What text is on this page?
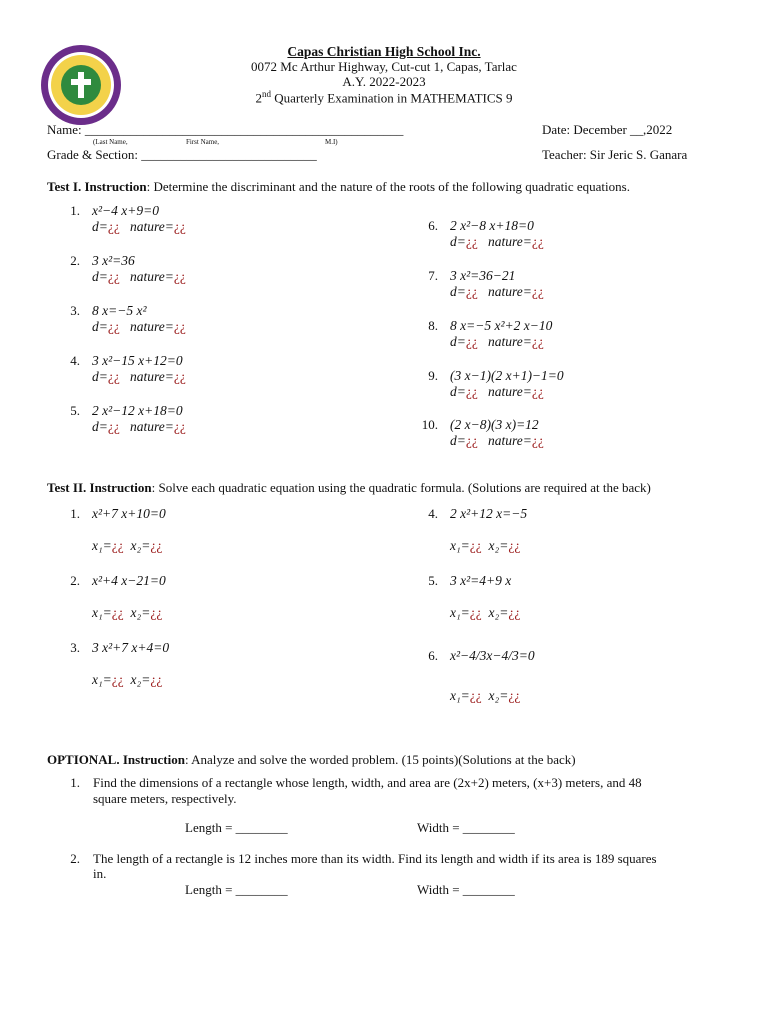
Capas Christian High School Inc.
0072 Mc Arthur Highway, Cut-cut 1, Capas, Tarlac
A.Y. 2022-2023
2nd Quarterly Examination in MATHEMATICS 9
Name: _________________________________________________
(Last Name,	First Name,	M.I)
Date: December __,2022
Grade & Section: ___________________________	Teacher: Sir Jeric S. Ganara
Test I. Instruction: Determine the discriminant and the nature of the roots of the following quadratic equations.
1. x²−4 x+9=0
d=¿¿ nature=¿¿
2. 3 x²=36
d=¿¿ nature=¿¿
3. 8 x=−5 x²
d=¿¿ nature=¿¿
4. 3 x²−15 x+12=0
d=¿¿ nature=¿¿
5. 2 x²−12 x+18=0
d=¿¿ nature=¿¿
6. 2 x²−8 x+18=0
d=¿¿ nature=¿¿
7. 3 x²=36−21
d=¿¿ nature=¿¿
8. 8 x=−5 x²+2 x−10
d=¿¿ nature=¿¿
9. (3 x−1)(2 x+1)−1=0
d=¿¿ nature=¿¿
10. (2 x−8)(3 x)=12
d=¿¿ nature=¿¿
Test II. Instruction: Solve each quadratic equation using the quadratic formula. (Solutions are required at the back)
1. x²+7 x+10=0
x₁=¿¿ x₂=¿¿
2. x²+4 x−21=0
x₁=¿¿ x₂=¿¿
3. 3 x²+7 x+4=0
x₁=¿¿ x₂=¿¿
4. 2 x²+12 x=−5
x₁=¿¿ x₂=¿¿
5. 3 x²=4+9 x
x₁=¿¿ x₂=¿¿
6. x²−4/3x−4/3=0
x₁=¿¿ x₂=¿¿
OPTIONAL. Instruction: Analyze and solve the worded problem. (15 points)(Solutions at the back)
1. Find the dimensions of a rectangle whose length, width, and area are (2x+2) meters, (x+3) meters, and 48
square meters, respectively.
Length = ________	Width = ________
2. The length of a rectangle is 12 inches more than its width. Find its length and width if its area is 189 squares
in.
Length = ________	Width = ________
